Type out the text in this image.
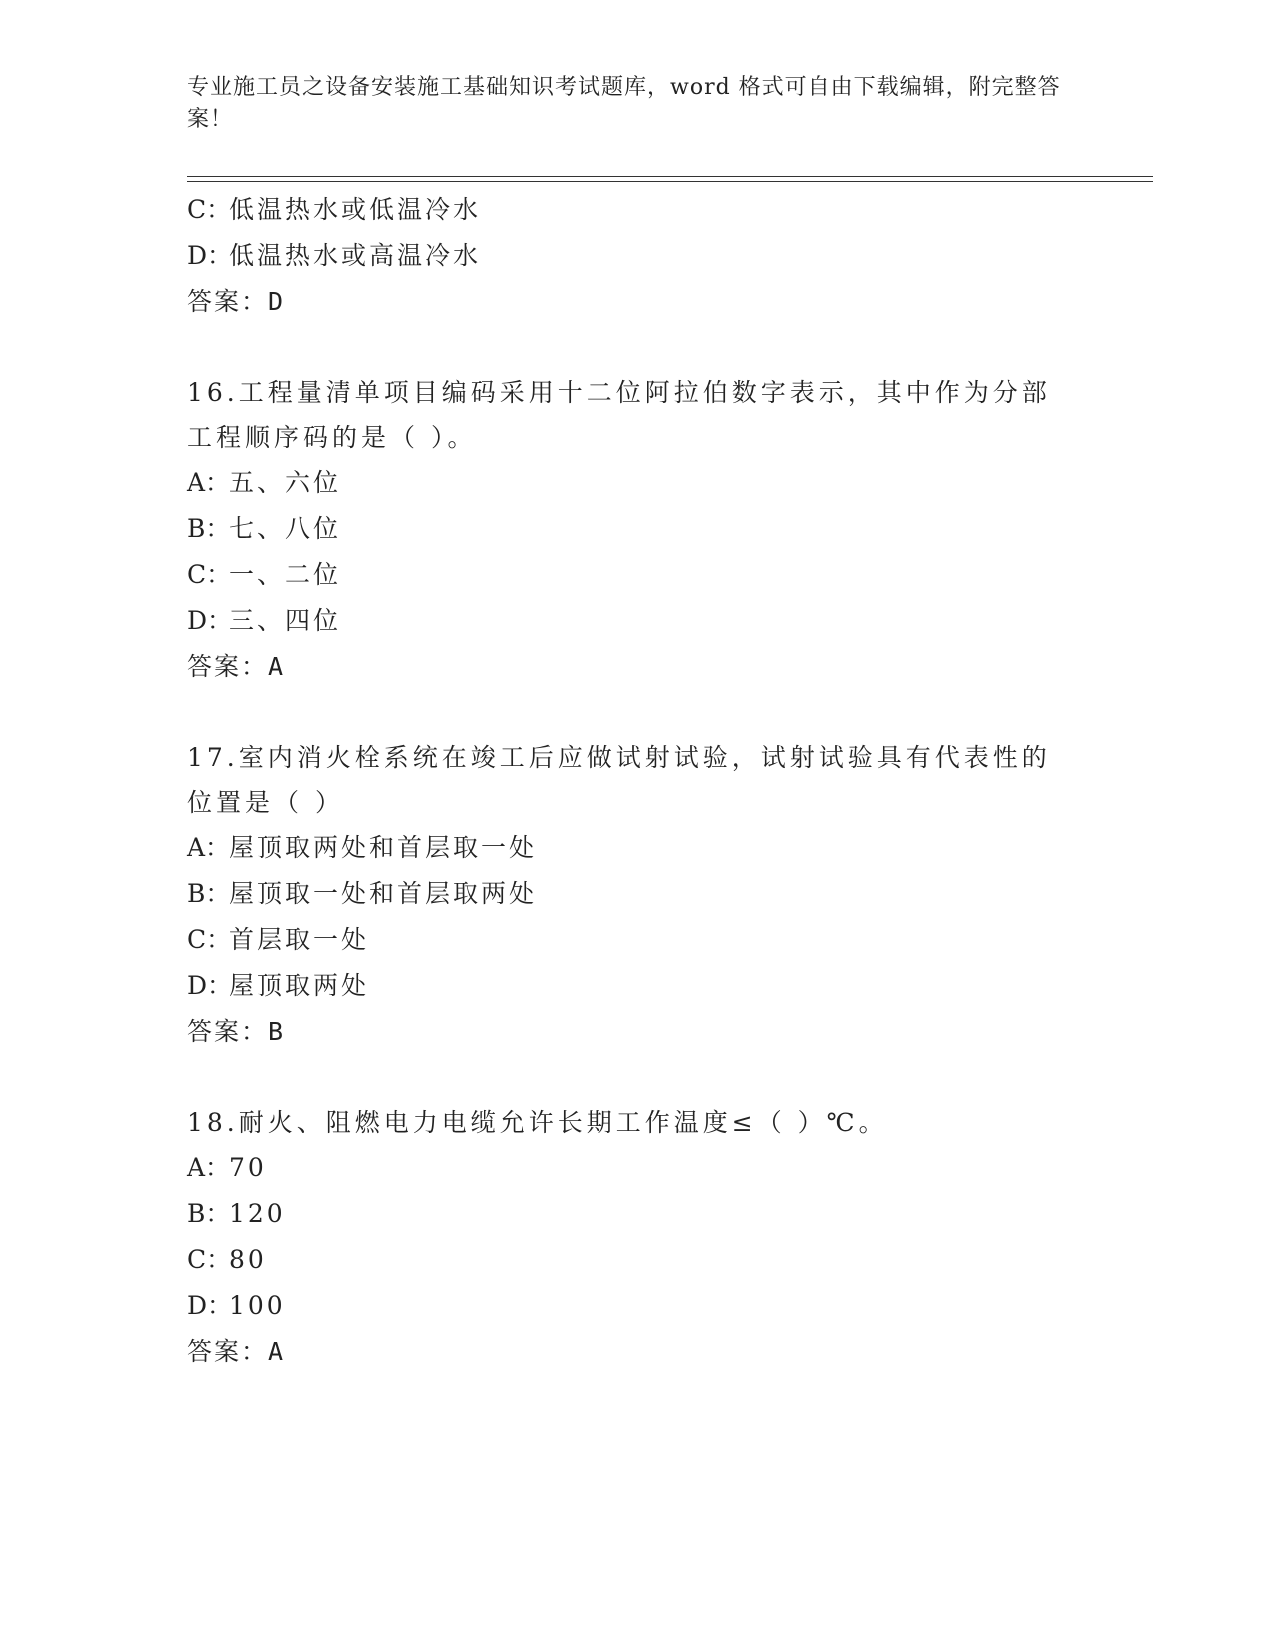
专业施工员之设备安装施工基础知识考试题库，word 格式可自由下载编辑，附完整答案！
C：低温热水或低温冷水
D：低温热水或高温冷水
答案：D
16.工程量清单项目编码采用十二位阿拉伯数字表示，其中作为分部工程顺序码的是（ ）。
A：五、六位
B：七、八位
C：一、二位
D：三、四位
答案：A
17.室内消火栓系统在竣工后应做试射试验，试射试验具有代表性的位置是（ ）
A：屋顶取两处和首层取一处
B：屋顶取一处和首层取两处
C：首层取一处
D：屋顶取两处
答案：B
18.耐火、阻燃电力电缆允许长期工作温度≤（ ）℃。
A：70
B：120
C：80
D：100
答案：A
